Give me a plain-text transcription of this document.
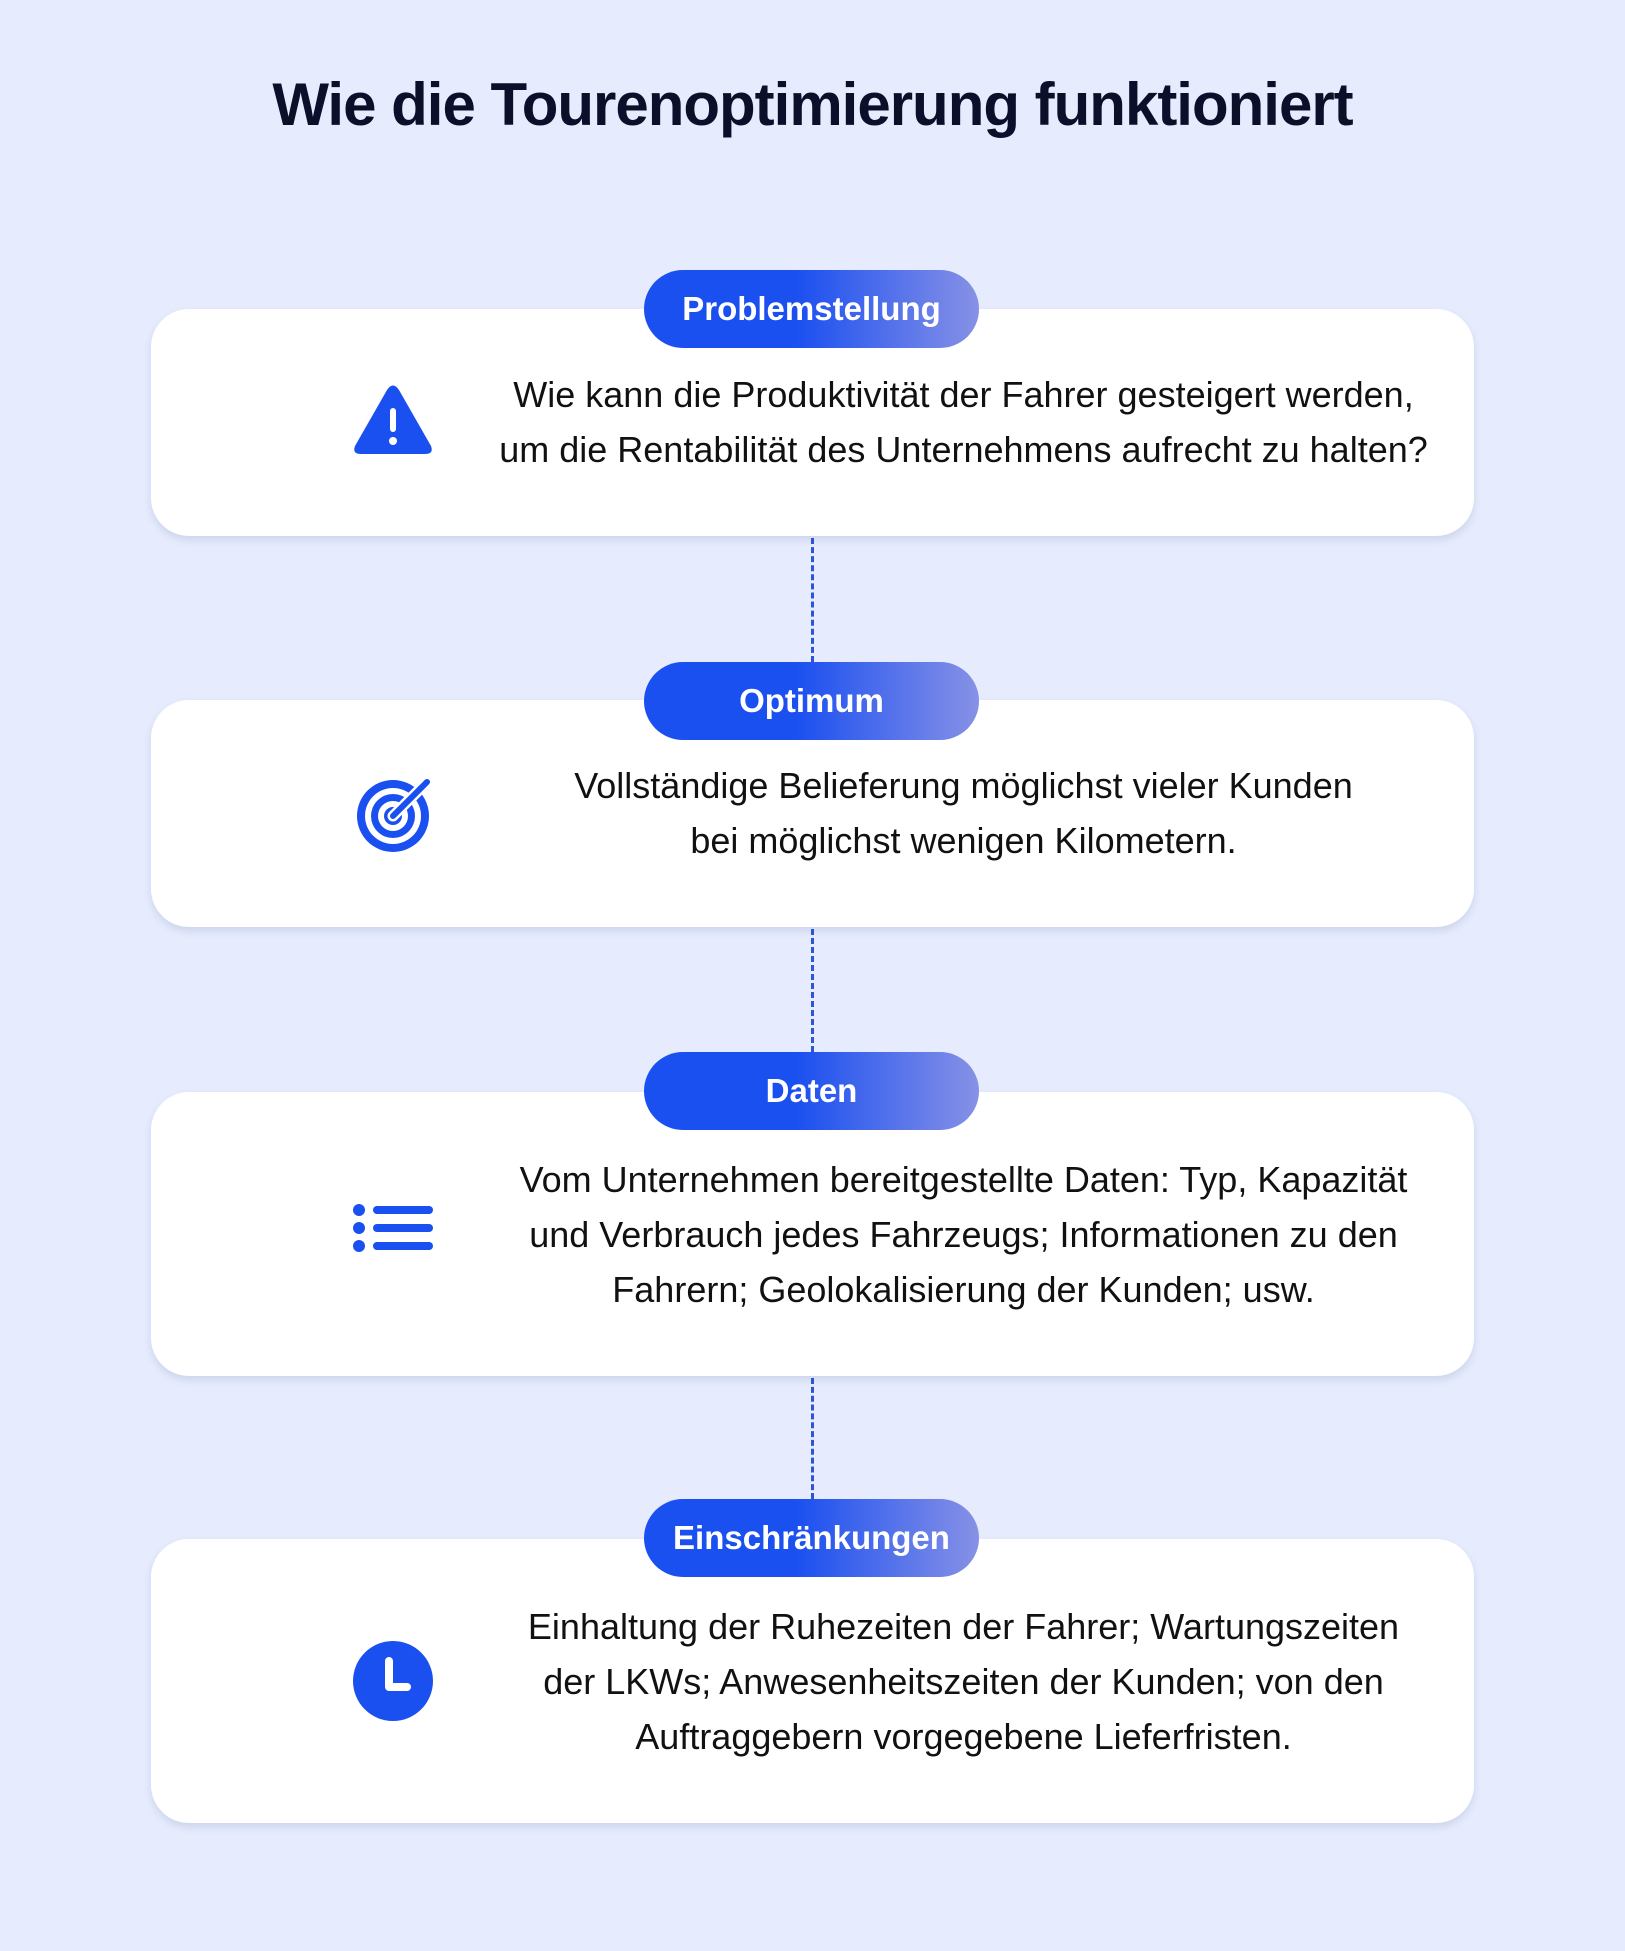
Wie die Tourenoptimierung funktioniert
Problemstellung
Wie kann die Produktivität der Fahrer gesteigert werden,
um die Rentabilität des Unternehmens aufrecht zu halten?
Optimum
Vollständige Belieferung möglichst vieler Kunden
bei möglichst wenigen Kilometern.
Daten
Vom Unternehmen bereitgestellte Daten: Typ, Kapazität
und Verbrauch jedes Fahrzeugs; Informationen zu den
Fahrern; Geolokalisierung der Kunden; usw.
Einschränkungen
Einhaltung der Ruhezeiten der Fahrer; Wartungszeiten
der LKWs; Anwesenheitszeiten der Kunden; von den
Auftraggebern vorgegebene Lieferfristen.
